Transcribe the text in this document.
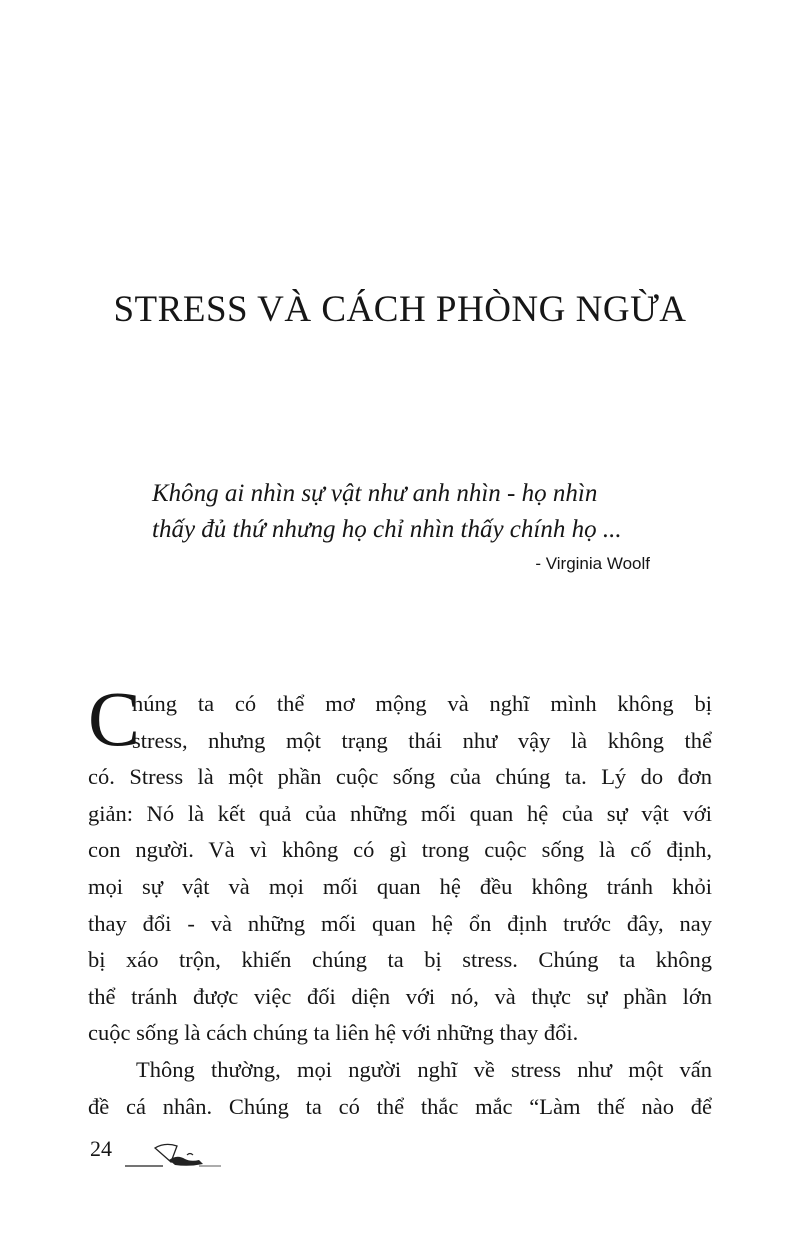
STRESS VÀ CÁCH PHÒNG NGỪA

Không ai nhìn sự vật như anh nhìn - họ nhìn

thấy đủ thứ nhưng họ chỉ nhìn thấy chính họ ...

- Virginia Woolf
C
húng ta có thể mơ mộng và nghĩ mình không bị
stress, nhưng một trạng thái như vậy là không thể
có. Stress là một phần cuộc sống của chúng ta. Lý do đơn
giản: Nó là kết quả của những mối quan hệ của sự vật với
con người. Và vì không có gì trong cuộc sống là cố định,
mọi sự vật và mọi mối quan hệ đều không tránh khỏi
thay đổi - và những mối quan hệ ổn định trước đây, nay
bị xáo trộn, khiến chúng ta bị stress. Chúng ta không
thể tránh được việc đối diện với nó, và thực sự phần lớn
cuộc sống là cách chúng ta liên hệ với những thay đổi.
Thông thường, mọi người nghĩ về stress như một vấn
đề cá nhân. Chúng ta có thể thắc mắc “Làm thế nào để
24
